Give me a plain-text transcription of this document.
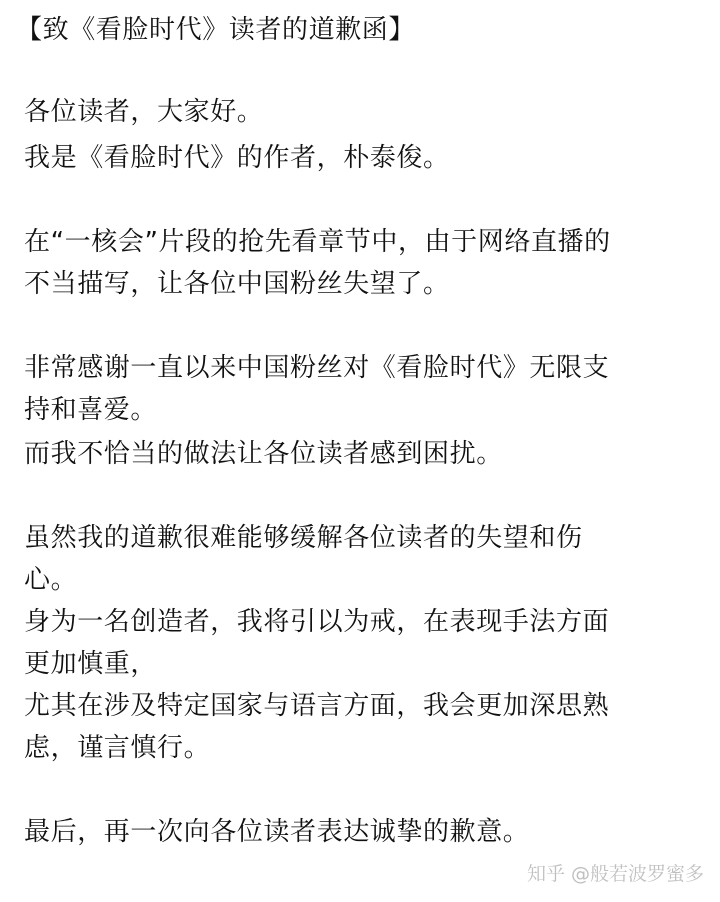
【致《看脸时代》读者的道歉函】
各位读者，大家好。
我是《看脸时代》的作者，朴泰俊。
在“一核会”片段的抢先看章节中，由于网络直播的
不当描写，让各位中国粉丝失望了。
非常感谢一直以来中国粉丝对《看脸时代》无限支
持和喜爱。
而我不恰当的做法让各位读者感到困扰。
虽然我的道歉很难能够缓解各位读者的失望和伤
心。
身为一名创造者，我将引以为戒，在表现手法方面
更加慎重，
尤其在涉及特定国家与语言方面，我会更加深思熟
虑，谨言慎行。
最后，再一次向各位读者表达诚挚的歉意。
知乎 @般若波罗蜜多
